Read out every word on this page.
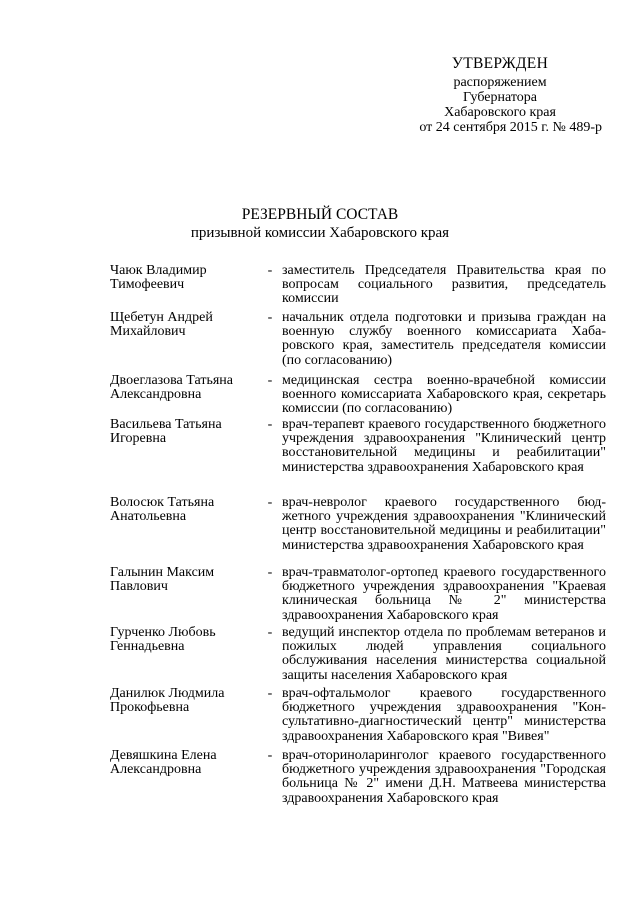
УТВЕРЖДЕН
распоряжением
Губернатора
Хабаровского края
от 24 сентября 2015 г. № 489-р
РЕЗЕРВНЫЙ СОСТАВ
призывной комиссии Хабаровского края
Чаюк Владимир Тимофеевич
- заместитель Председателя Правительства края по вопросам социального развития, председатель комиссии
Щебетун Андрей Михайлович
- начальник отдела подготовки и призыва граждан на военную службу военного комиссариата Хабаровского края, заместитель председателя комиссии (по согласованию)
Двоеглазова Татьяна Александровна
- медицинская сестра военно-врачебной комиссии военного комиссариата Хабаровского края, секретарь комиссии (по согласованию)
Васильева Татьяна Игоревна
- врач-терапевт краевого государственного бюджетного учреждения здравоохранения "Клинический центр восстановительной медицины и реабилитации" министерства здравоохранения Хабаровского края
Волосюк Татьяна Анатольевна
- врач-невролог краевого государственного бюджетного учреждения здравоохранения "Клинический центр восстановительной медицины и реабилитации" министерства здравоохранения Хабаровского края
Галынин Максим Павлович
- врач-травматолог-ортопед краевого государственного бюджетного учреждения здравоохранения "Краевая клиническая больница № 2" министерства здравоохранения Хабаровского края
Гурченко Любовь Геннадьевна
- ведущий инспектор отдела по проблемам ветеранов и пожилых людей управления социального обслуживания населения министерства социальной защиты населения Хабаровского края
Данилюк Людмила Прокофьевна
- врач-офтальмолог краевого государственного бюджетного учреждения здравоохранения "Консультативно-диагностический центр" министерства здравоохранения Хабаровского края "Вивея"
Девяшкина Елена Александровна
- врач-оториноларинголог краевого государственного бюджетного учреждения здравоохранения "Городская больница № 2" имени Д.Н. Матвеева министерства здравоохранения Хабаровского края
